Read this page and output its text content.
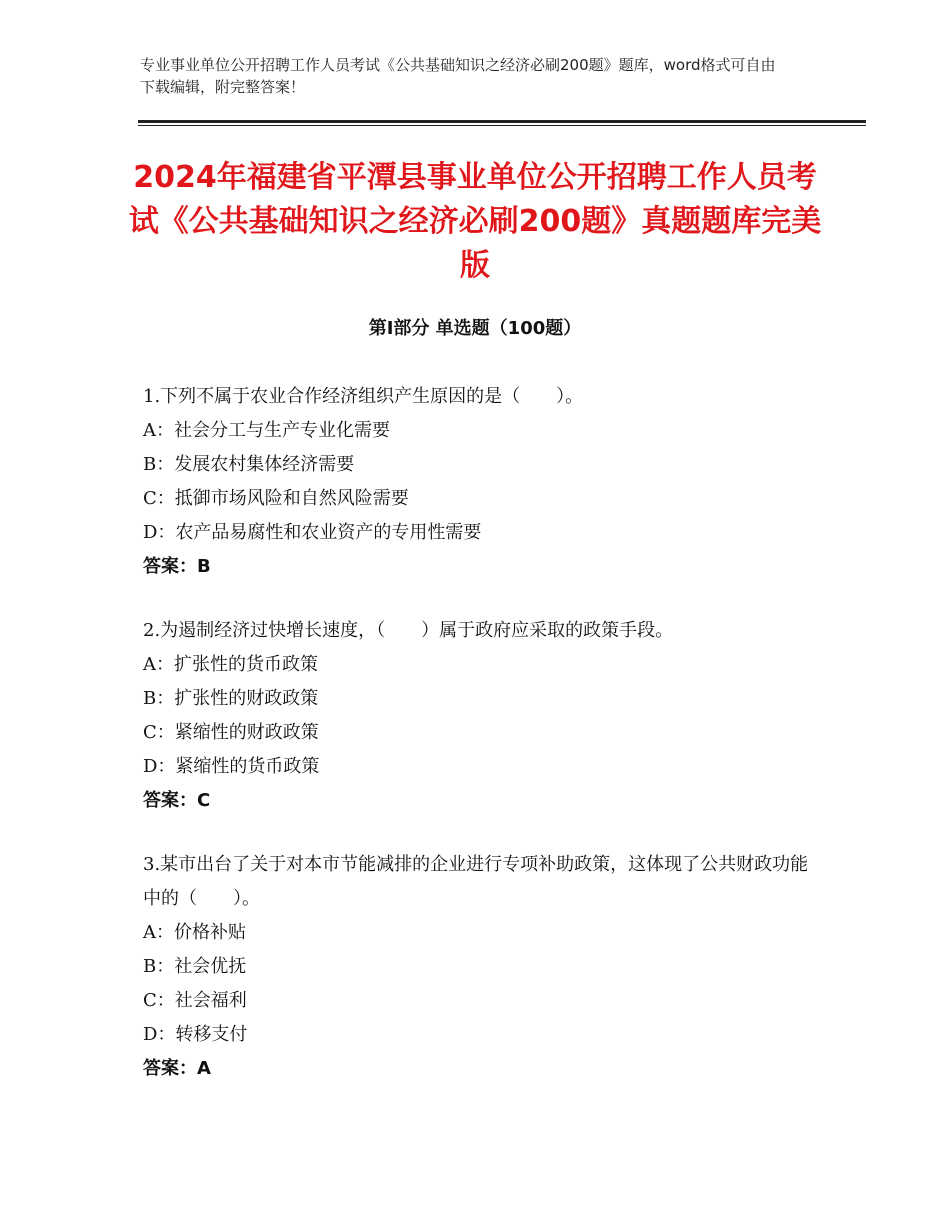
专业事业单位公开招聘工作人员考试《公共基础知识之经济必刷200题》题库，word格式可自由下载编辑，附完整答案！
2024年福建省平潭县事业单位公开招聘工作人员考试《公共基础知识之经济必刷200题》真题题库完美版
第Ⅰ部分 单选题（100题）
1.下列不属于农业合作经济组织产生原因的是（　　）。
A：社会分工与生产专业化需要
B：发展农村集体经济需要
C：抵御市场风险和自然风险需要
D：农产品易腐性和农业资产的专用性需要
答案：B
2.为遏制经济过快增长速度，（　　）属于政府应采取的政策手段。
A：扩张性的货币政策
B：扩张性的财政政策
C：紧缩性的财政政策
D：紧缩性的货币政策
答案：C
3.某市出台了关于对本市节能减排的企业进行专项补助政策，这体现了公共财政功能中的（　　）。
A：价格补贴
B：社会优抚
C：社会福利
D：转移支付
答案：A
